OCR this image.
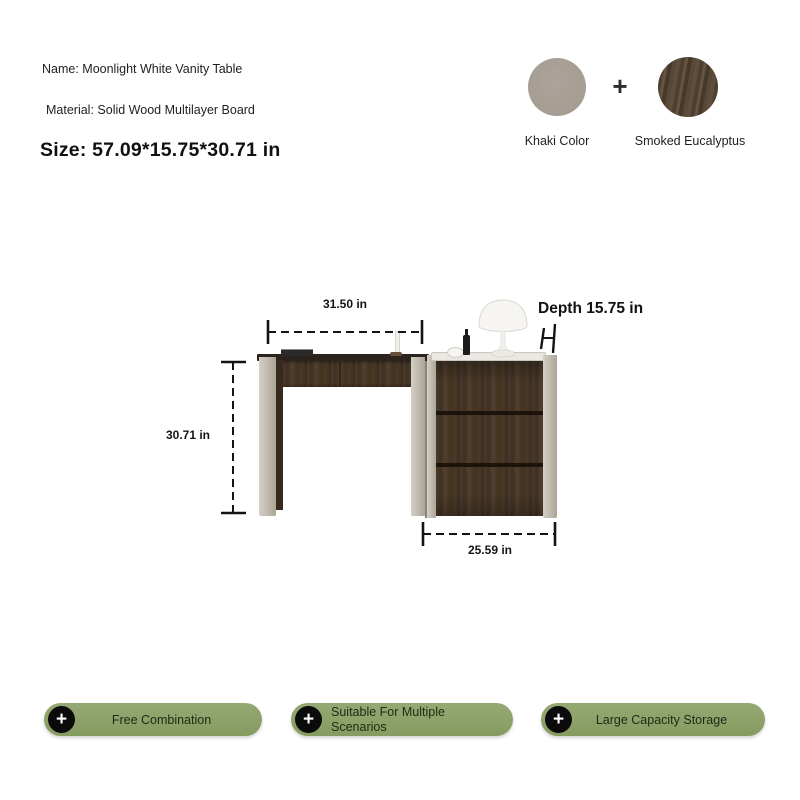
Name: Moonlight White Vanity Table
Material: Solid Wood Multilayer Board
Size: 57.09*15.75*30.71 in
+
Khaki Color	Smoked Eucalyptus
31.50 in
30.71 in
25.59 in
Depth 15.75 in
+	Free Combination	+	Suitable For Multiple Scenarios	+	Large Capacity Storage
